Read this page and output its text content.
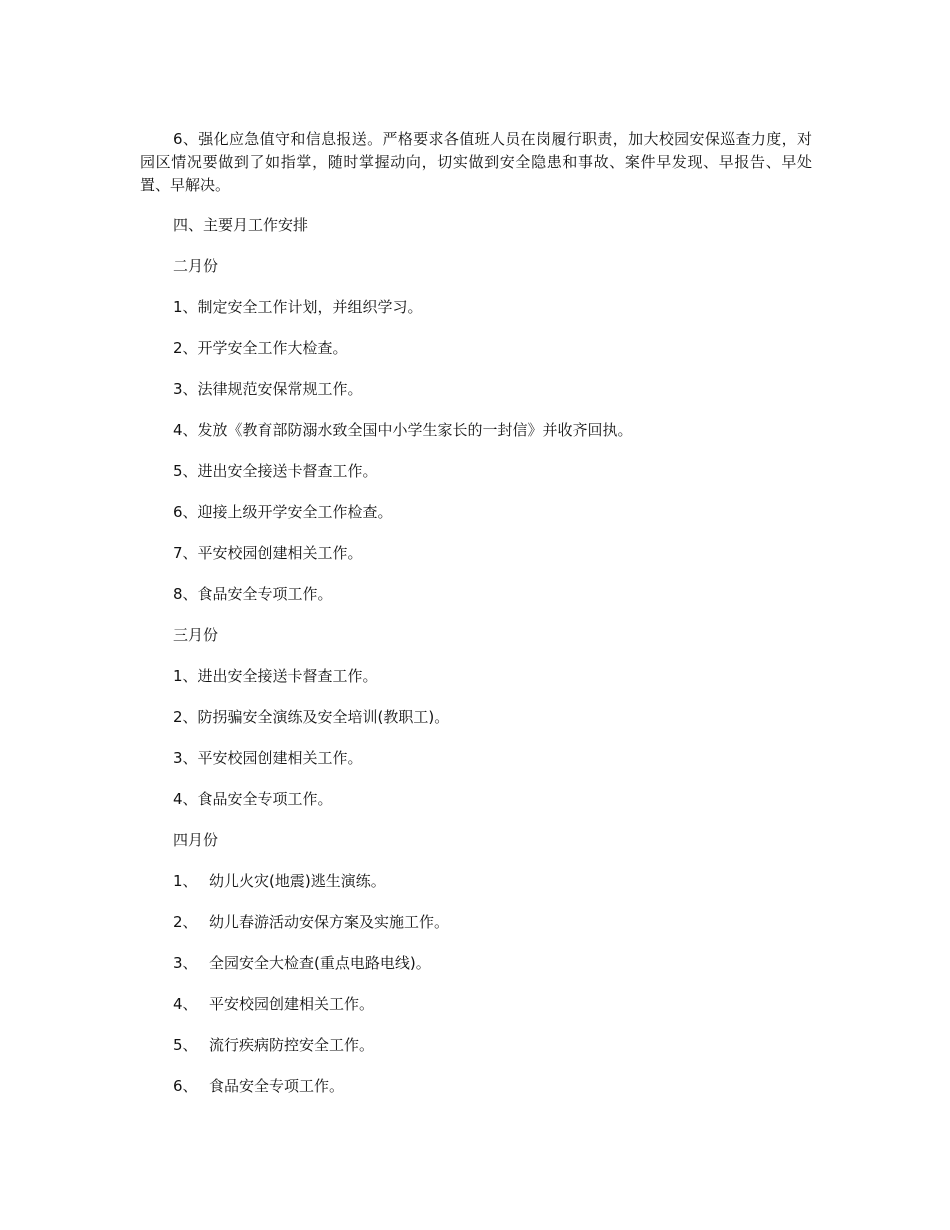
6、强化应急值守和信息报送。严格要求各值班人员在岗履行职责，加大校园安保巡查力度，对园区情况要做到了如指掌，随时掌握动向，切实做到安全隐患和事故、案件早发现、早报告、早处置、早解决。

四、主要月工作安排
二月份
1、制定安全工作计划，并组织学习。
2、开学安全工作大检查。
3、法律规范安保常规工作。
4、发放《教育部防溺水致全国中小学生家长的一封信》并收齐回执。
5、进出安全接送卡督查工作。
6、迎接上级开学安全工作检查。
7、平安校园创建相关工作。
8、食品安全专项工作。
三月份
1、进出安全接送卡督查工作。
2、防拐骗安全演练及安全培训(教职工)。
3、平安校园创建相关工作。
4、食品安全专项工作。
四月份
1、 幼儿火灾(地震)逃生演练。
2、 幼儿春游活动安保方案及实施工作。
3、 全园安全大检查(重点电路电线)。
4、 平安校园创建相关工作。
5、 流行疾病防控安全工作。
6、 食品安全专项工作。
